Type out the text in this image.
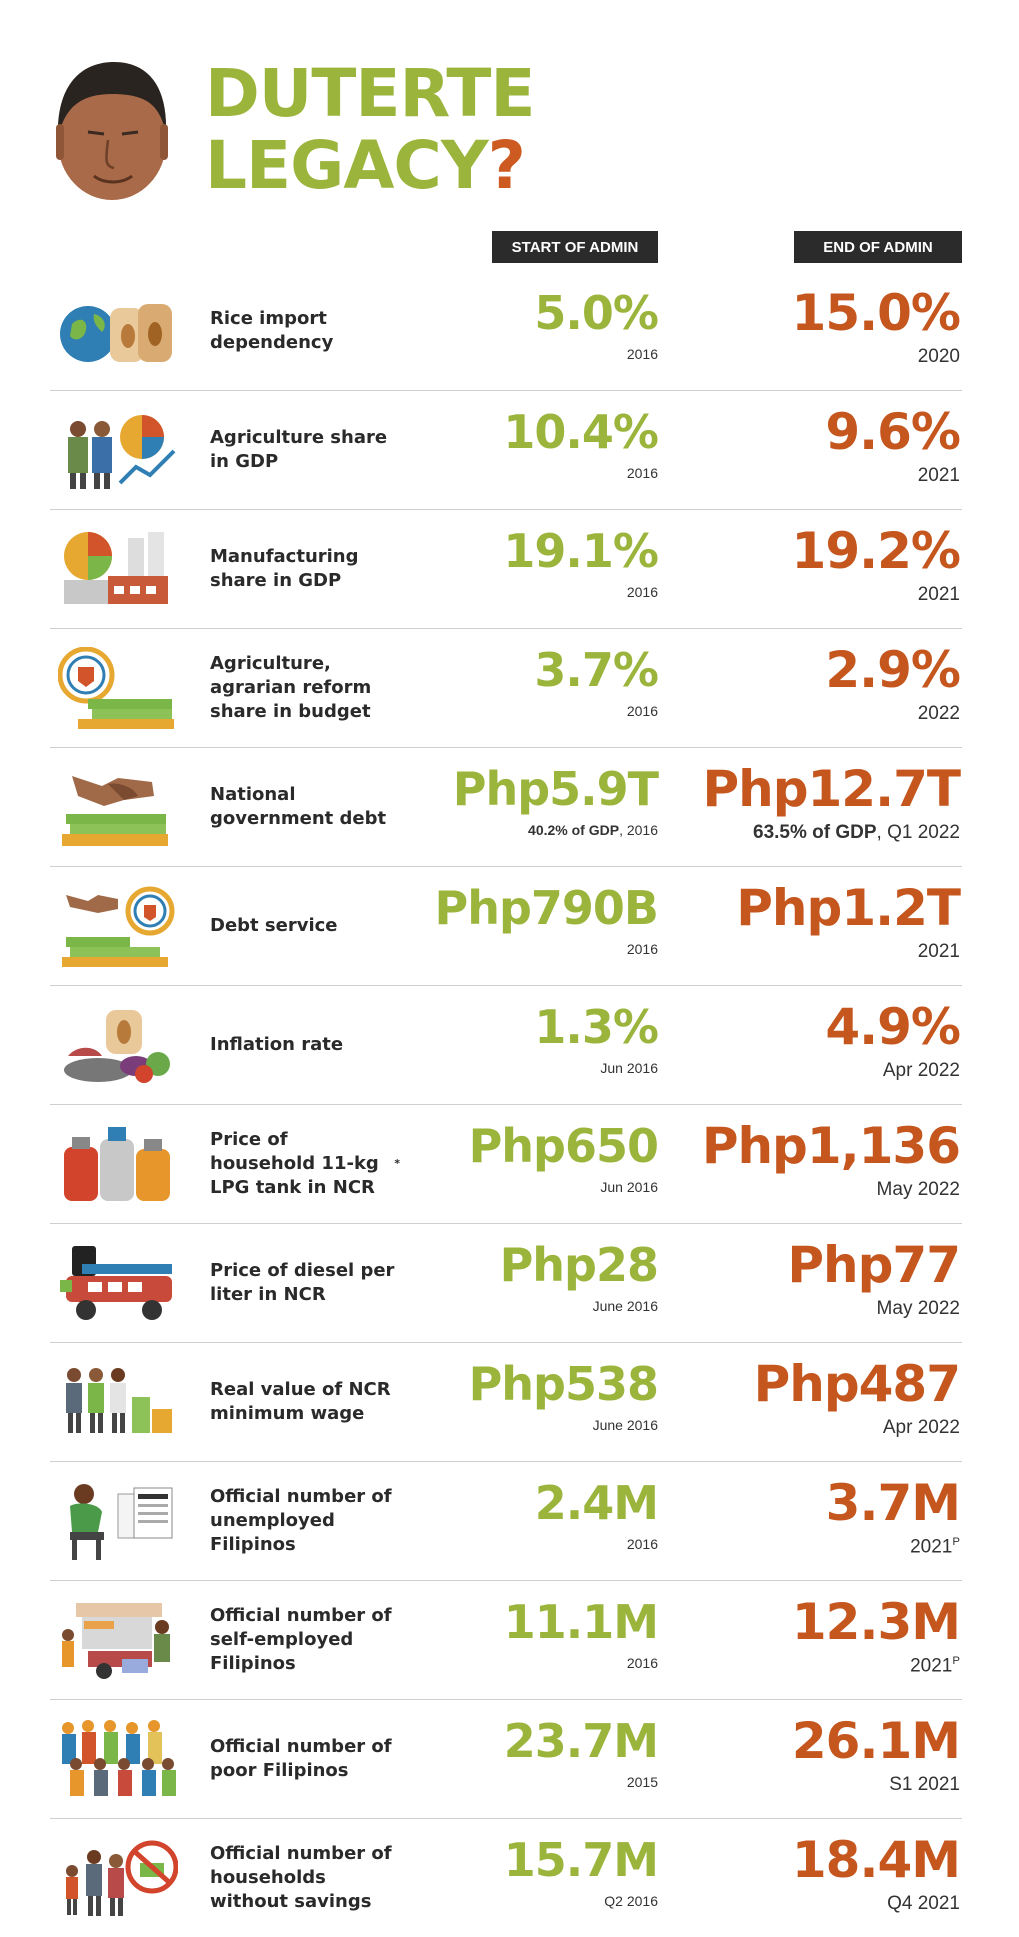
DUTERTE
LEGACY?
START OF ADMIN	END OF ADMIN
Rice import dependency
5.0%
2016
15.0%
2020
Agriculture share in GDP
10.4%
2016
9.6%
2021
Manufacturing share in GDP
19.1%
2016
19.2%
2021
Agriculture, agrarian reform share in budget
3.7%
2016
2.9%
2022
National government debt
Php5.9T
40.2% of GDP, 2016
Php12.7T
63.5% of GDP, Q1 2022
Debt service Php790B
2016
Php1.2T
2021
Inflation rate	1.3%
Jun 2016
4.9%
Apr 2022
Price of household 11-kg LPG tank in NCR
* Php650
Jun 2016
Php1,136
May 2022
Price of diesel per liter in NCR
Php28
June 2016
Php77
May 2022
Real value of NCR minimum wage
Php538
June 2016
Php487
Apr 2022
Official number of unemployed Filipinos
2.4M
2016
3.7M
$2021^P$
Official number of self-employed Filipinos
11.1M
2016
12.3M
$2021^P$
Official number of poor Filipinos
23.7M
2015
26.1M
S1 2021
Official number of households without savings
15.7M
Q2 2016
18.4M
Q4 2021
